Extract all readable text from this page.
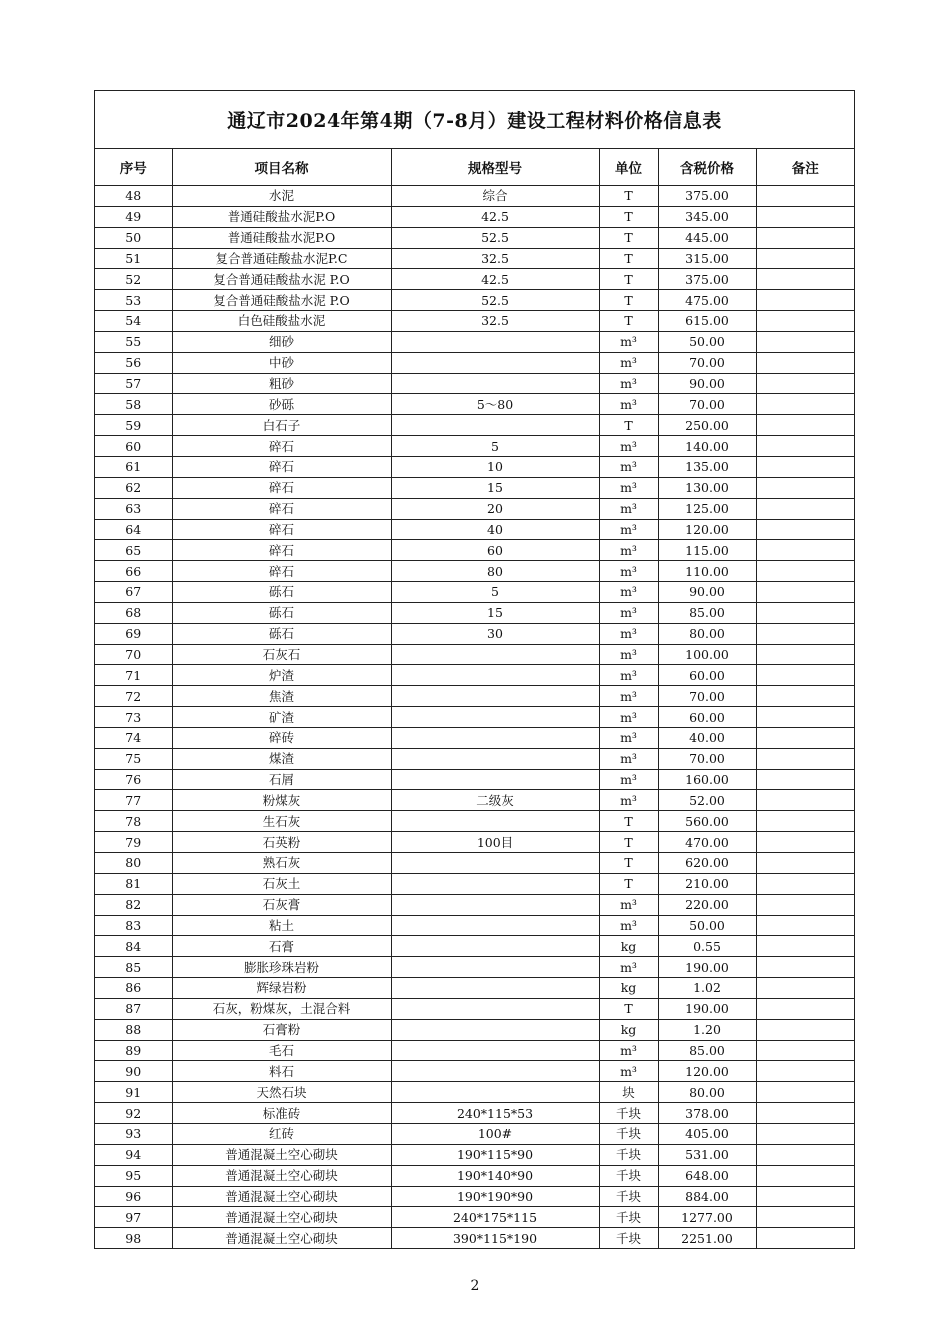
通辽市2024年第4期（7-8月）建设工程材料价格信息表
序号	项目名称	规格型号	单位	含税价格	备注
48	水泥	综合	T	375.00	
49	普通硅酸盐水泥P.O	42.5	T	345.00	
50	普通硅酸盐水泥P.O	52.5	T	445.00	
51	复合普通硅酸盐水泥P.C	32.5	T	315.00	
52	复合普通硅酸盐水泥 P.O	42.5	T	375.00	
53	复合普通硅酸盐水泥 P.O	52.5	T	475.00	
54	白色硅酸盐水泥	32.5	T	615.00	
55	细砂		m³	50.00	
56	中砂		m³	70.00	
57	粗砂		m³	90.00	
58	砂砾	5～80	m³	70.00	
59	白石子		T	250.00	
60	碎石	5	m³	140.00	
61	碎石	10	m³	135.00	
62	碎石	15	m³	130.00	
63	碎石	20	m³	125.00	
64	碎石	40	m³	120.00	
65	碎石	60	m³	115.00	
66	碎石	80	m³	110.00	
67	砾石	5	m³	90.00	
68	砾石	15	m³	85.00	
69	砾石	30	m³	80.00	
70	石灰石		m³	100.00	
71	炉渣		m³	60.00	
72	焦渣		m³	70.00	
73	矿渣		m³	60.00	
74	碎砖		m³	40.00	
75	煤渣		m³	70.00	
76	石屑		m³	160.00	
77	粉煤灰	二级灰	m³	52.00	
78	生石灰		T	560.00	
79	石英粉	100目	T	470.00	
80	熟石灰		T	620.00	
81	石灰土		T	210.00	
82	石灰膏		m³	220.00	
83	粘土		m³	50.00	
84	石膏		kg	0.55	
85	膨胀珍珠岩粉		m³	190.00	
86	辉绿岩粉		kg	1.02	
87	石灰，粉煤灰，土混合料		T	190.00	
88	石膏粉		kg	1.20	
89	毛石		m³	85.00	
90	料石		m³	120.00	
91	天然石块		块	80.00	
92	标准砖	240*115*53	千块	378.00	
93	红砖	100#	千块	405.00	
94	普通混凝土空心砌块	190*115*90	千块	531.00	
95	普通混凝土空心砌块	190*140*90	千块	648.00	
96	普通混凝土空心砌块	190*190*90	千块	884.00	
97	普通混凝土空心砌块	240*175*115	千块	1277.00	
98	普通混凝土空心砌块	390*115*190	千块	2251.00	
2
